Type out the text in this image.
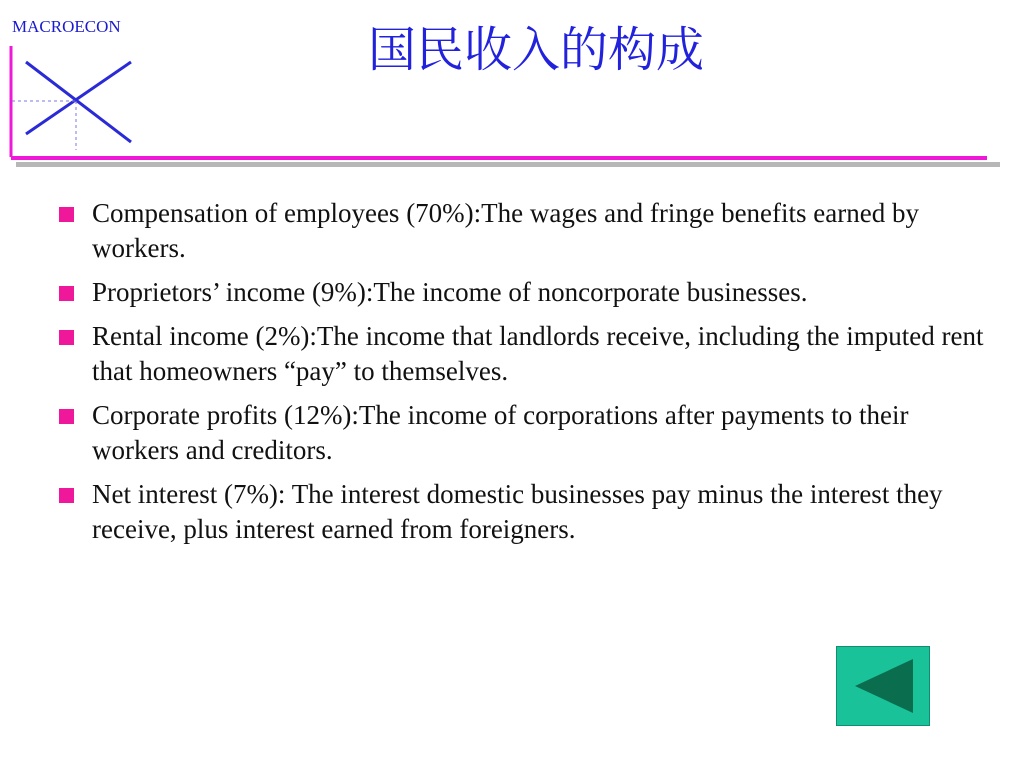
MACROECON	国民收入的构成
Compensation of employees (70%):The wages and fringe benefits earned by workers.
Proprietors’ income (9%):The income of noncorporate businesses.
Rental income (2%):The income that landlords receive, including the imputed rent that homeowners “pay” to themselves.
Corporate profits (12%):The income of corporations after payments to their workers and creditors.
Net interest (7%): The interest domestic businesses pay minus the interest they receive, plus interest earned from foreigners.
